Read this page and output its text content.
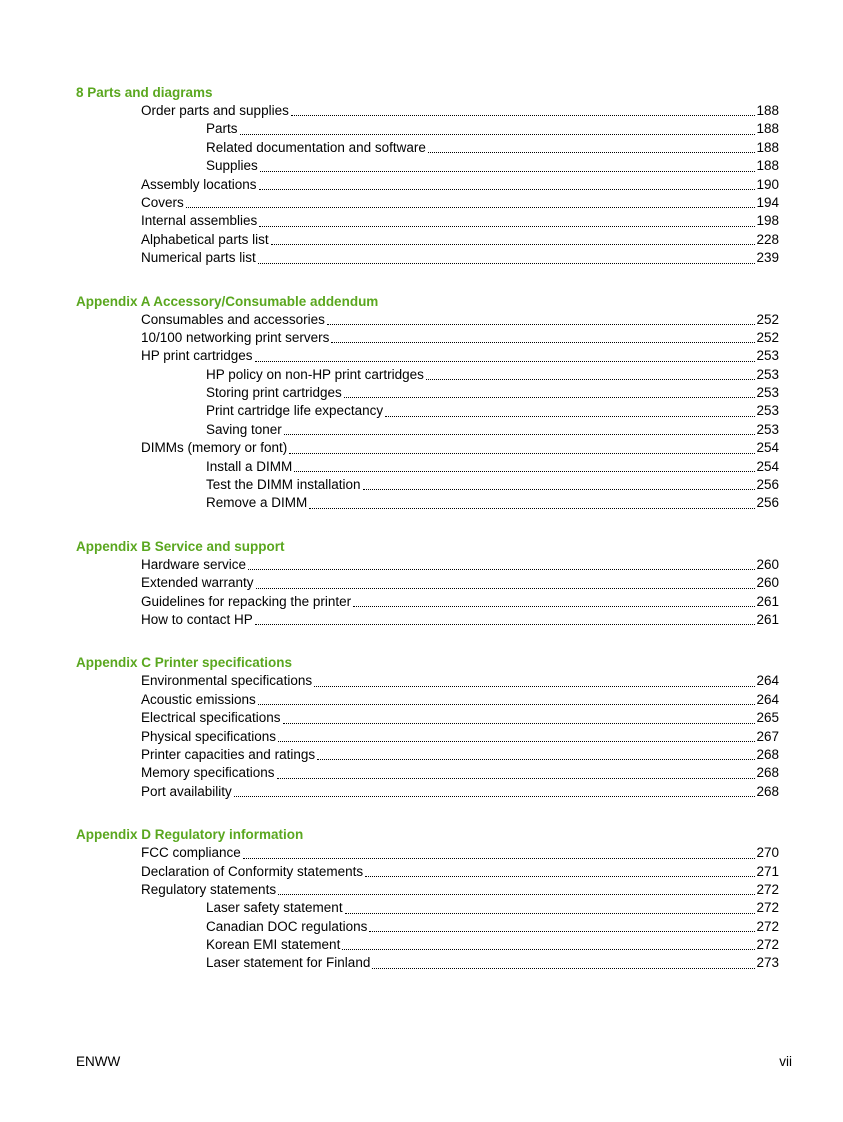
8 Parts and diagrams
Order parts and supplies	188
Parts	188
Related documentation and software	188
Supplies	188
Assembly locations	190
Covers	194
Internal assemblies	198
Alphabetical parts list	228
Numerical parts list	239
Appendix A Accessory/Consumable addendum
Consumables and accessories	252
10/100 networking print servers	252
HP print cartridges	253
HP policy on non-HP print cartridges	253
Storing print cartridges	253
Print cartridge life expectancy	253
Saving toner	253
DIMMs (memory or font)	254
Install a DIMM	254
Test the DIMM installation	256
Remove a DIMM	256
Appendix B Service and support
Hardware service	260
Extended warranty	260
Guidelines for repacking the printer	261
How to contact HP	261
Appendix C Printer specifications
Environmental specifications	264
Acoustic emissions	264
Electrical specifications	265
Physical specifications	267
Printer capacities and ratings	268
Memory specifications	268
Port availability	268
Appendix D Regulatory information
FCC compliance	270
Declaration of Conformity statements	271
Regulatory statements	272
Laser safety statement	272
Canadian DOC regulations	272
Korean EMI statement	272
Laser statement for Finland	273
ENWW	vii
